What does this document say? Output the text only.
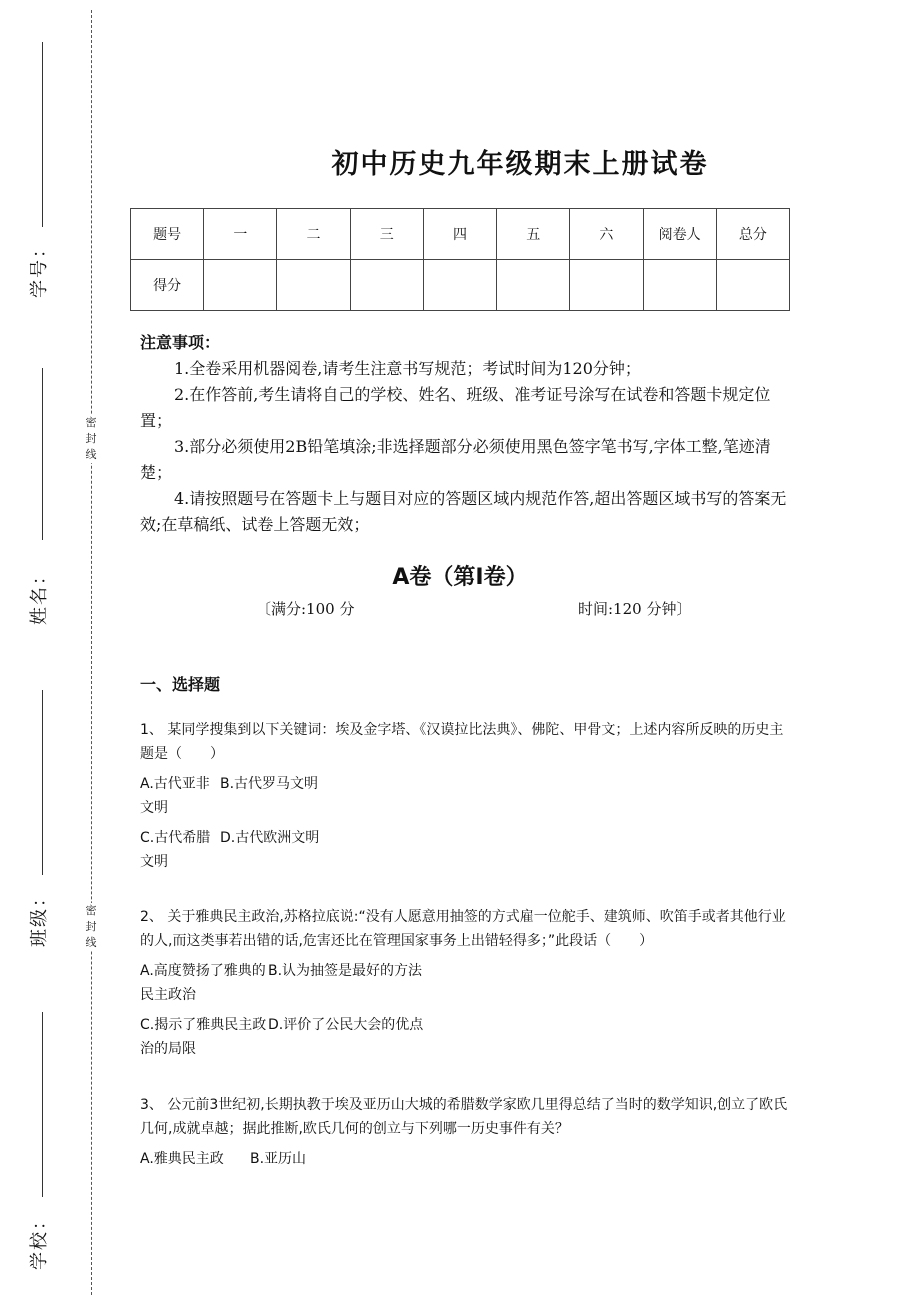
密
封
线
密
封
线
学号：
姓名：
班级：
学校：
初中历史九年级期末上册试卷
题号	一	二	三	四	五	六	阅卷人	总分
得分								
注意事项：

1.全卷采用机器阅卷,请考生注意书写规范；考试时间为120分钟；

2.在作答前,考生请将自己的学校、姓名、班级、准考证号涂写在试卷和答题卡规定位置；

3.部分必须使用2B铅笔填涂;非选择题部分必须使用黑色签字笔书写,字体工整,笔迹清楚；

4.请按照题号在答题卡上与题目对应的答题区域内规范作答,超出答题区域书写的答案无效;在草稿纸、试卷上答题无效；

A卷（第I卷）
〔满分:100 分	时间:120 分钟〕
一、选择题

1、 某同学搜集到以下关键词：埃及金字塔、《汉谟拉比法典》、佛陀、甲骨文；上述内容所反映的历史主题是（　　）

A.古代亚非文明
B.古代罗马文明
C.古代希腊文明
D.古代欧洲文明

2、 关于雅典民主政治,苏格拉底说:“没有人愿意用抽签的方式雇一位舵手、建筑师、吹笛手或者其他行业的人,而这类事若出错的话,危害还比在管理国家事务上出错轻得多；”此段话（　　）

A.高度赞扬了雅典的民主政治
B.认为抽签是最好的方法
C.揭示了雅典民主政治的局限
D.评价了公民大会的优点

3、 公元前3世纪初,长期执教于埃及亚历山大城的希腊数学家欧几里得总结了当时的数学知识,创立了欧氏几何,成就卓越；据此推断,欧氏几何的创立与下列哪一历史事件有关？

A.雅典民主政	B.亚历山
